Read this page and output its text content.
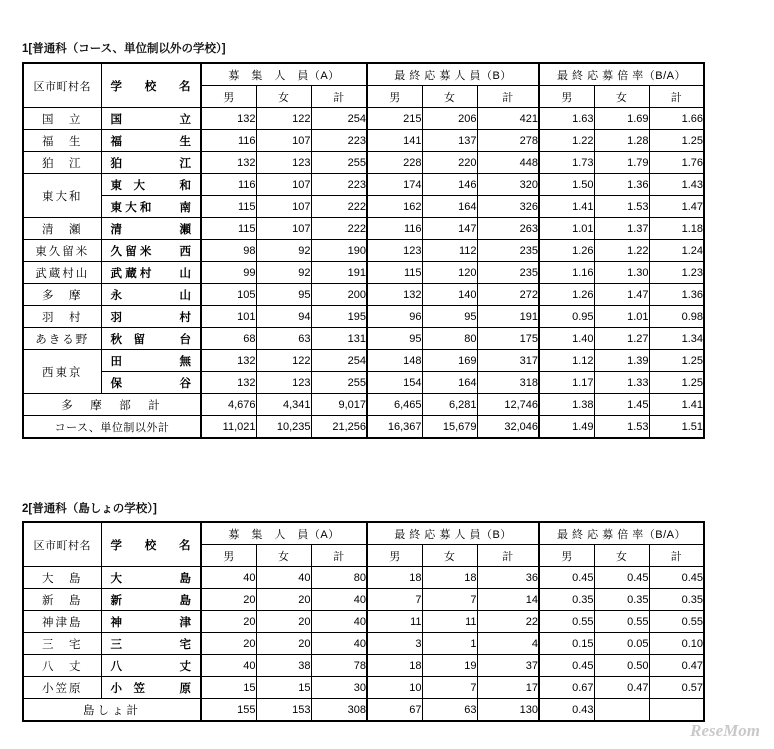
1[普通科（コース、単位制以外の学校）]
区市町村名	学 校 名	募　集　人　員（A）			最 終 応 募 人 員（B）			最 終 応 募 倍 率（B/A）		
		男	女	計	男	女	計	男	女	計
国　立	国 立	132	122	254	215	206	421	1.63	1.69	1.66
福　生	福 生	116	107	223	141	137	278	1.22	1.28	1.25
狛　江	狛 江	132	123	255	228	220	448	1.73	1.79	1.76
東大和	東　大 和	116	107	223	174	146	320	1.50	1.36	1.43

	東 大 和 南	115	107	222	162	164	326	1.41	1.53	1.47
清　瀬	清 瀬	115	107	222	116	147	263	1.01	1.37	1.18
東久留米	久 留 米 西	98	92	190	123	112	235	1.26	1.22	1.24
武蔵村山	武 蔵 村 山	99	92	191	115	120	235	1.16	1.30	1.23
多　摩	永 山	105	95	200	132	140	272	1.26	1.47	1.36
羽　村	羽 村	101	94	195	96	95	191	0.95	1.01	0.98
あきる野	秋　留 台	68	63	131	95	80	175	1.40	1.27	1.34
西東京	田 無	132	122	254	148	169	317	1.12	1.39	1.25

	保 谷	132	123	255	154	164	318	1.17	1.33	1.25
多　摩　部　計		4,676	4,341	9,017	6,465	6,281	12,746	1.38	1.45	1.41
コース、単位制以外計		11,021	10,235	21,256	16,367	15,679	32,046	1.49	1.53	1.51
2[普通科（島しょの学校）]
区市町村名	学 校 名	募　集　人　員（A）			最 終 応 募 人 員（B）			最 終 応 募 倍 率（B/A）		
		男	女	計	男	女	計	男	女	計
大　島	大 島	40	40	80	18	18	36	0.45	0.45	0.45
新　島	新 島	20	20	40	7	7	14	0.35	0.35	0.35
神津島	神 津	20	20	40	11	11	22	0.55	0.55	0.55
三　宅	三 宅	20	20	40	3	1	4	0.15	0.05	0.10
八　丈	八 丈	40	38	78	18	19	37	0.45	0.50	0.47
小笠原	小　笠 原	15	15	30	10	7	17	0.67	0.47	0.57
島しょ計		155	153	308	67	63	130	0.43		
ReseMom
